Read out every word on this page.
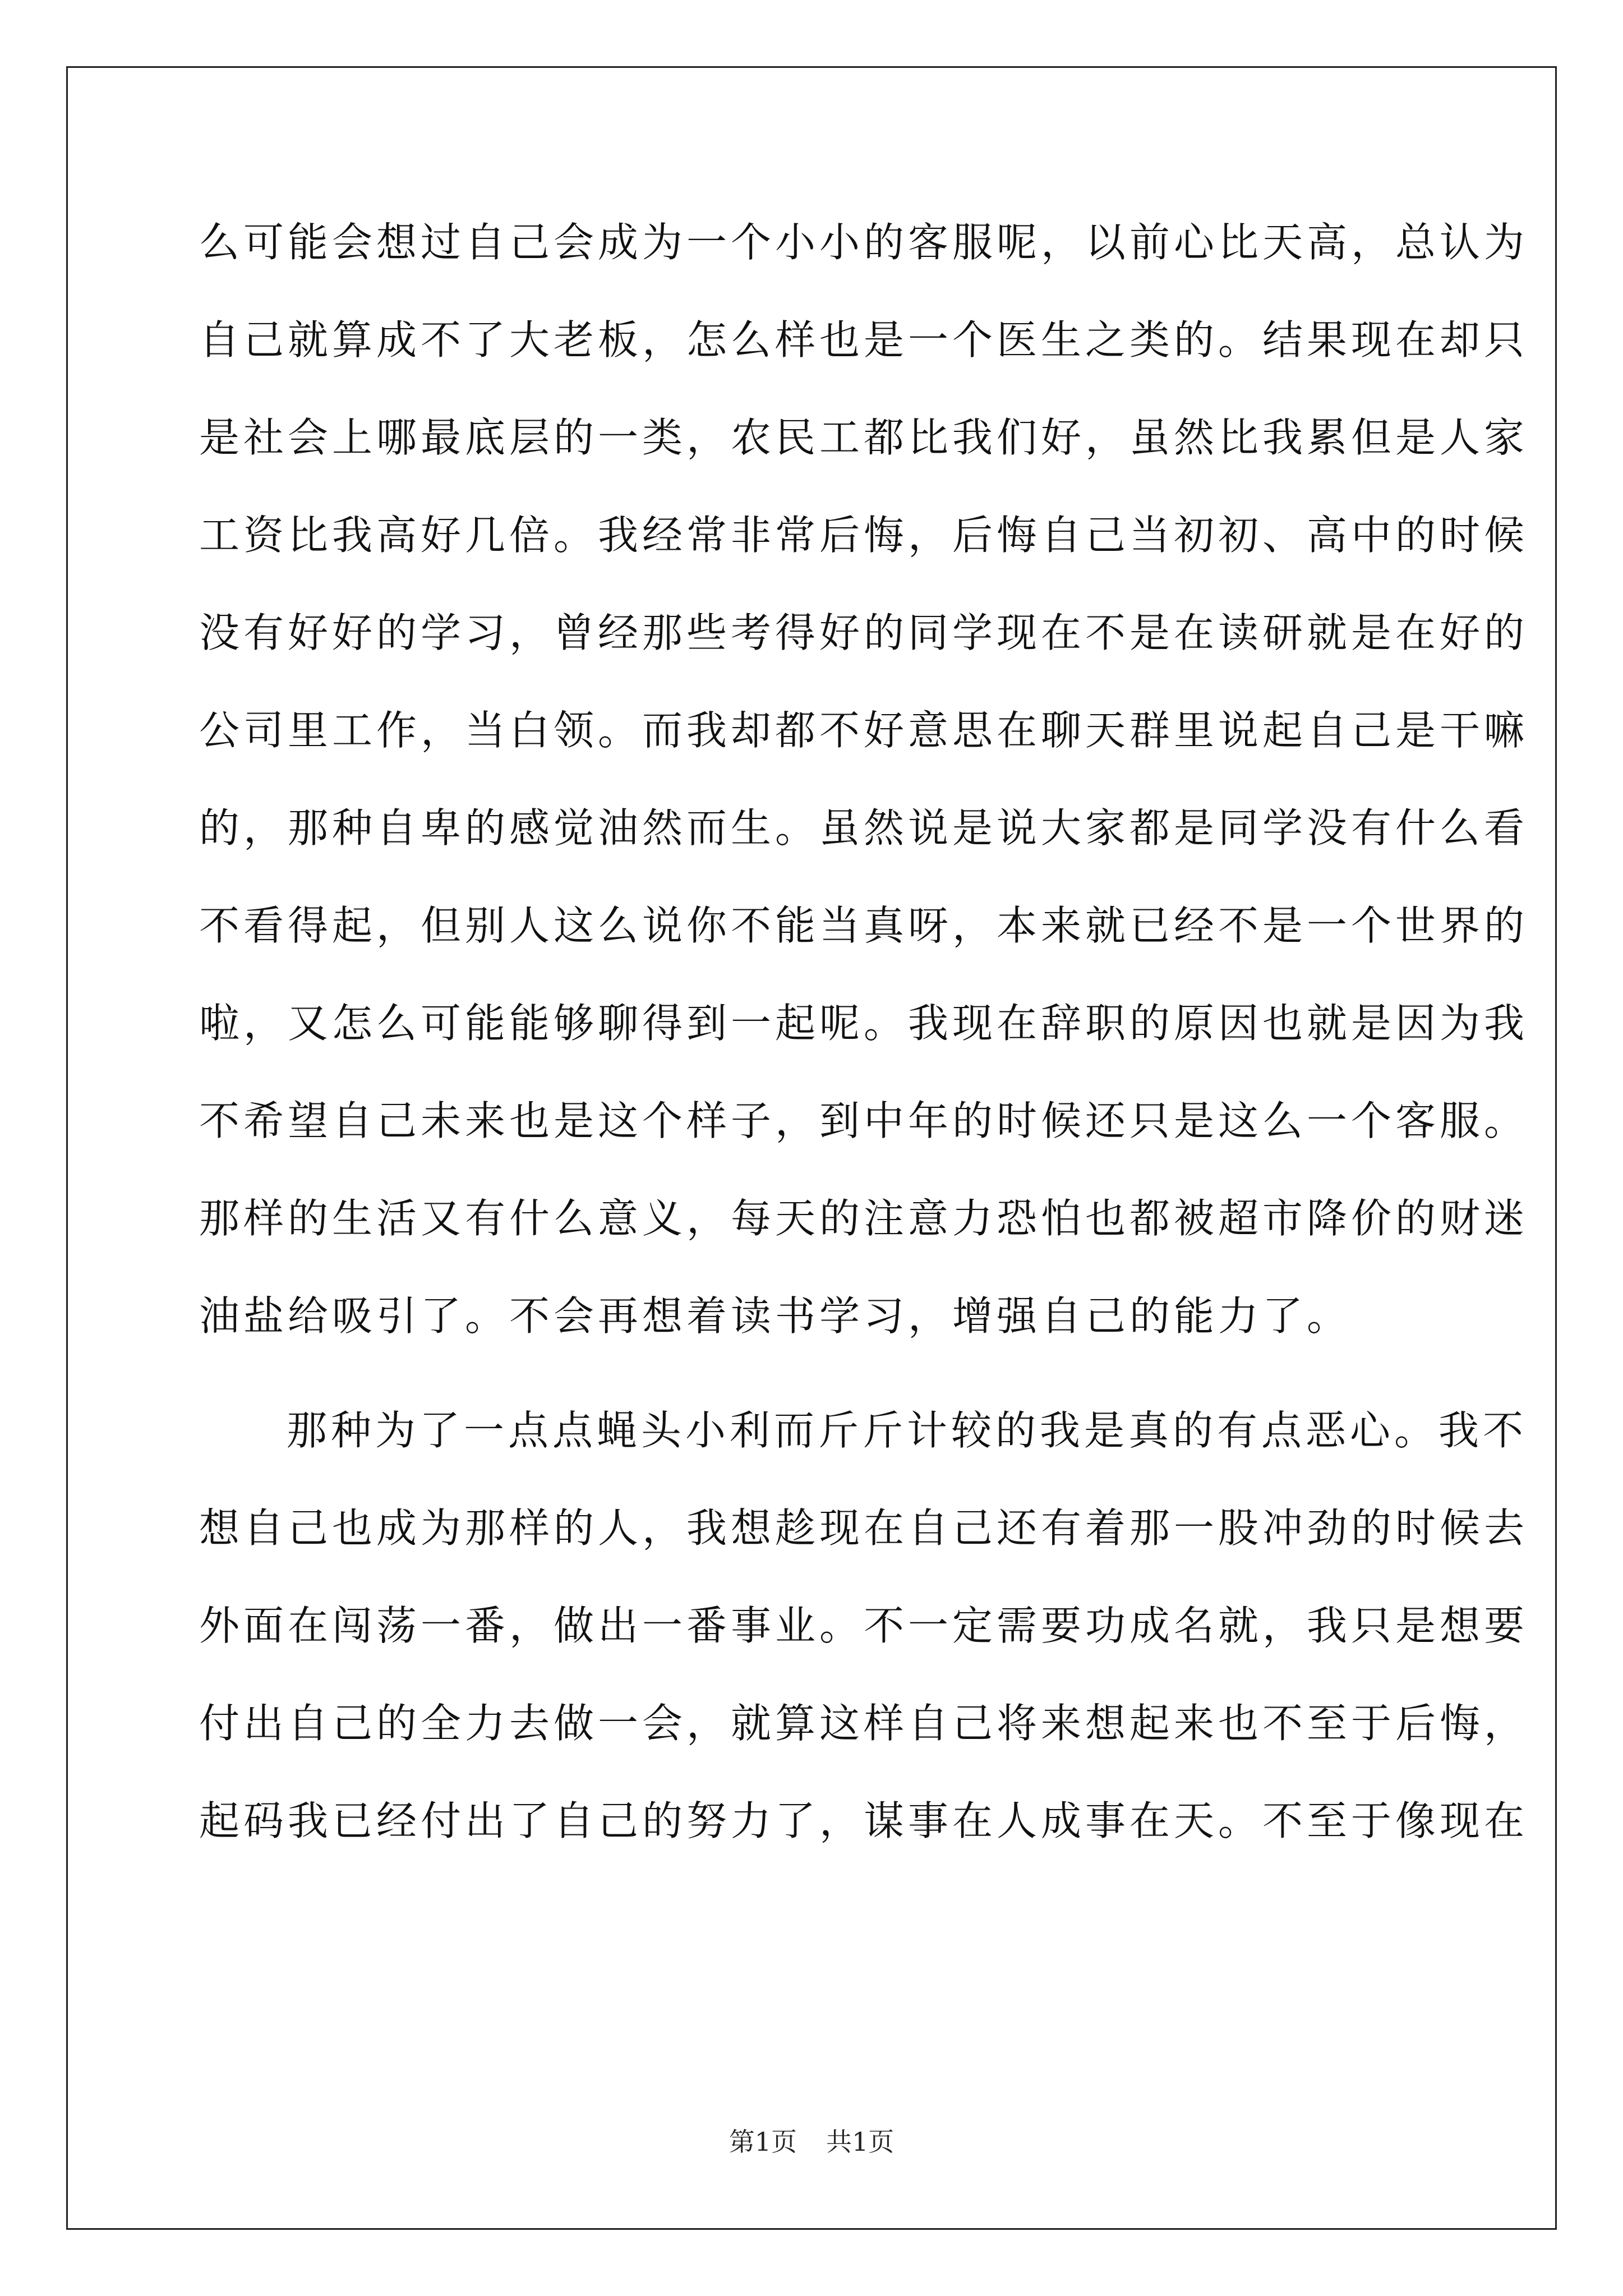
么可能会想过自己会成为一个小小的客服呢，以前心比天高，总认为
自己就算成不了大老板，怎么样也是一个医生之类的。结果现在却只
是社会上哪最底层的一类，农民工都比我们好，虽然比我累但是人家
工资比我高好几倍。我经常非常后悔，后悔自己当初初、高中的时候
没有好好的学习，曾经那些考得好的同学现在不是在读研就是在好的
公司里工作，当白领。而我却都不好意思在聊天群里说起自己是干嘛
的，那种自卑的感觉油然而生。虽然说是说大家都是同学没有什么看
不看得起，但别人这么说你不能当真呀，本来就已经不是一个世界的
啦，又怎么可能能够聊得到一起呢。我现在辞职的原因也就是因为我
不希望自己未来也是这个样子，到中年的时候还只是这么一个客服。
那样的生活又有什么意义，每天的注意力恐怕也都被超市降价的财迷
油盐给吸引了。不会再想着读书学习，增强自己的能力了。
那种为了一点点蝇头小利而斤斤计较的我是真的有点恶心。我不
想自己也成为那样的人，我想趁现在自己还有着那一股冲劲的时候去
外面在闯荡一番，做出一番事业。不一定需要功成名就，我只是想要
付出自己的全力去做一会，就算这样自己将来想起来也不至于后悔，
起码我已经付出了自己的努力了，谋事在人成事在天。不至于像现在
第1页 共1页
